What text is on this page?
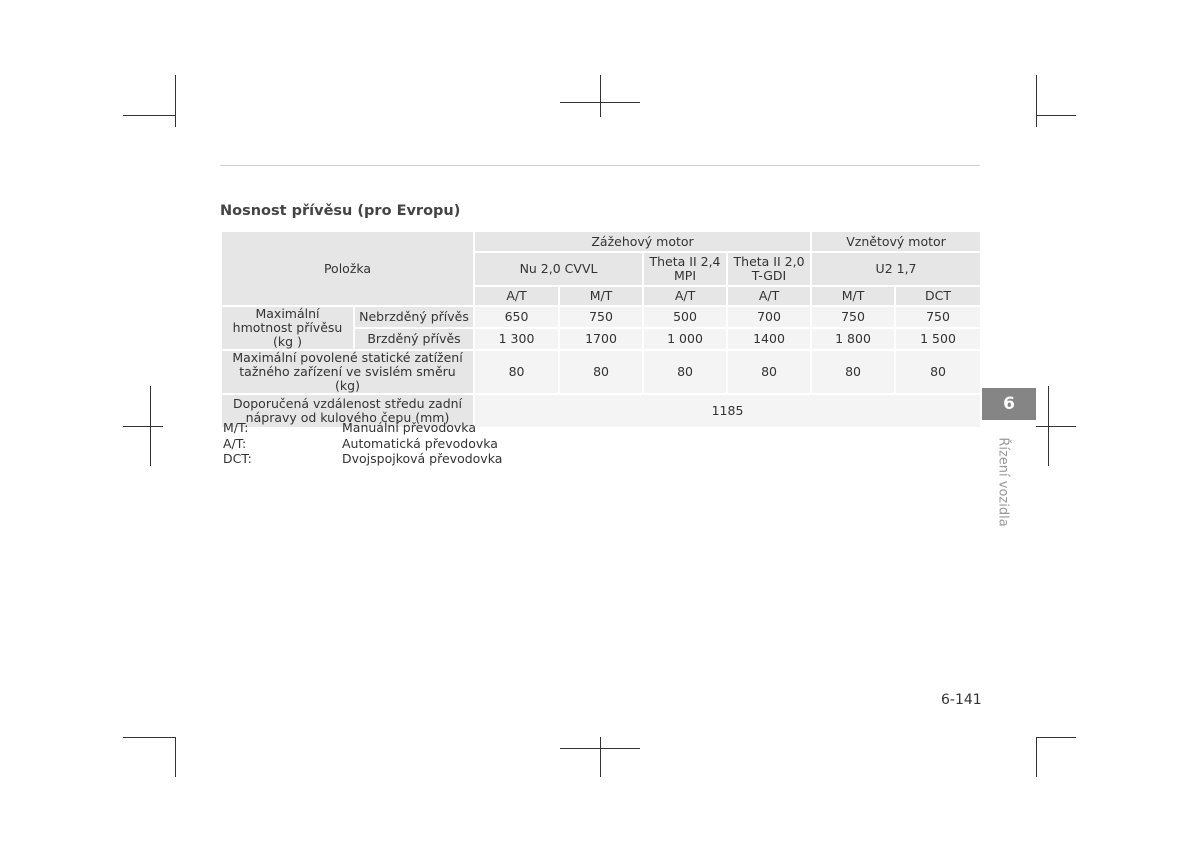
Nosnost přívěsu (pro Evropu)
Položka		Zážehový motor				Vznětový motor	
		Nu 2,0 CVVL		Theta II 2,4 MPI	Theta II 2,0 T-GDI	U2 1,7	
		A/T	M/T	A/T	A/T	M/T	DCT
Maximální hmotnost přívěsu (kg )	Nebrzděný přívěs	650	750	500	700	750	750
	Brzděný přívěs	1 300	1700	1 000	1400	1 800	1 500
Maximální povolené statické zatížení tažného zařízení ve svislém směru (kg)		80	80	80	80	80	80
Doporučená vzdálenost středu zadní nápravy od kulového čepu (mm)		1185					
M/T:	Manuální převodovka
A/T:	Automatická převodovka
DCT:	Dvojspojková převodovka
6
Řízení vozidla
6-141
